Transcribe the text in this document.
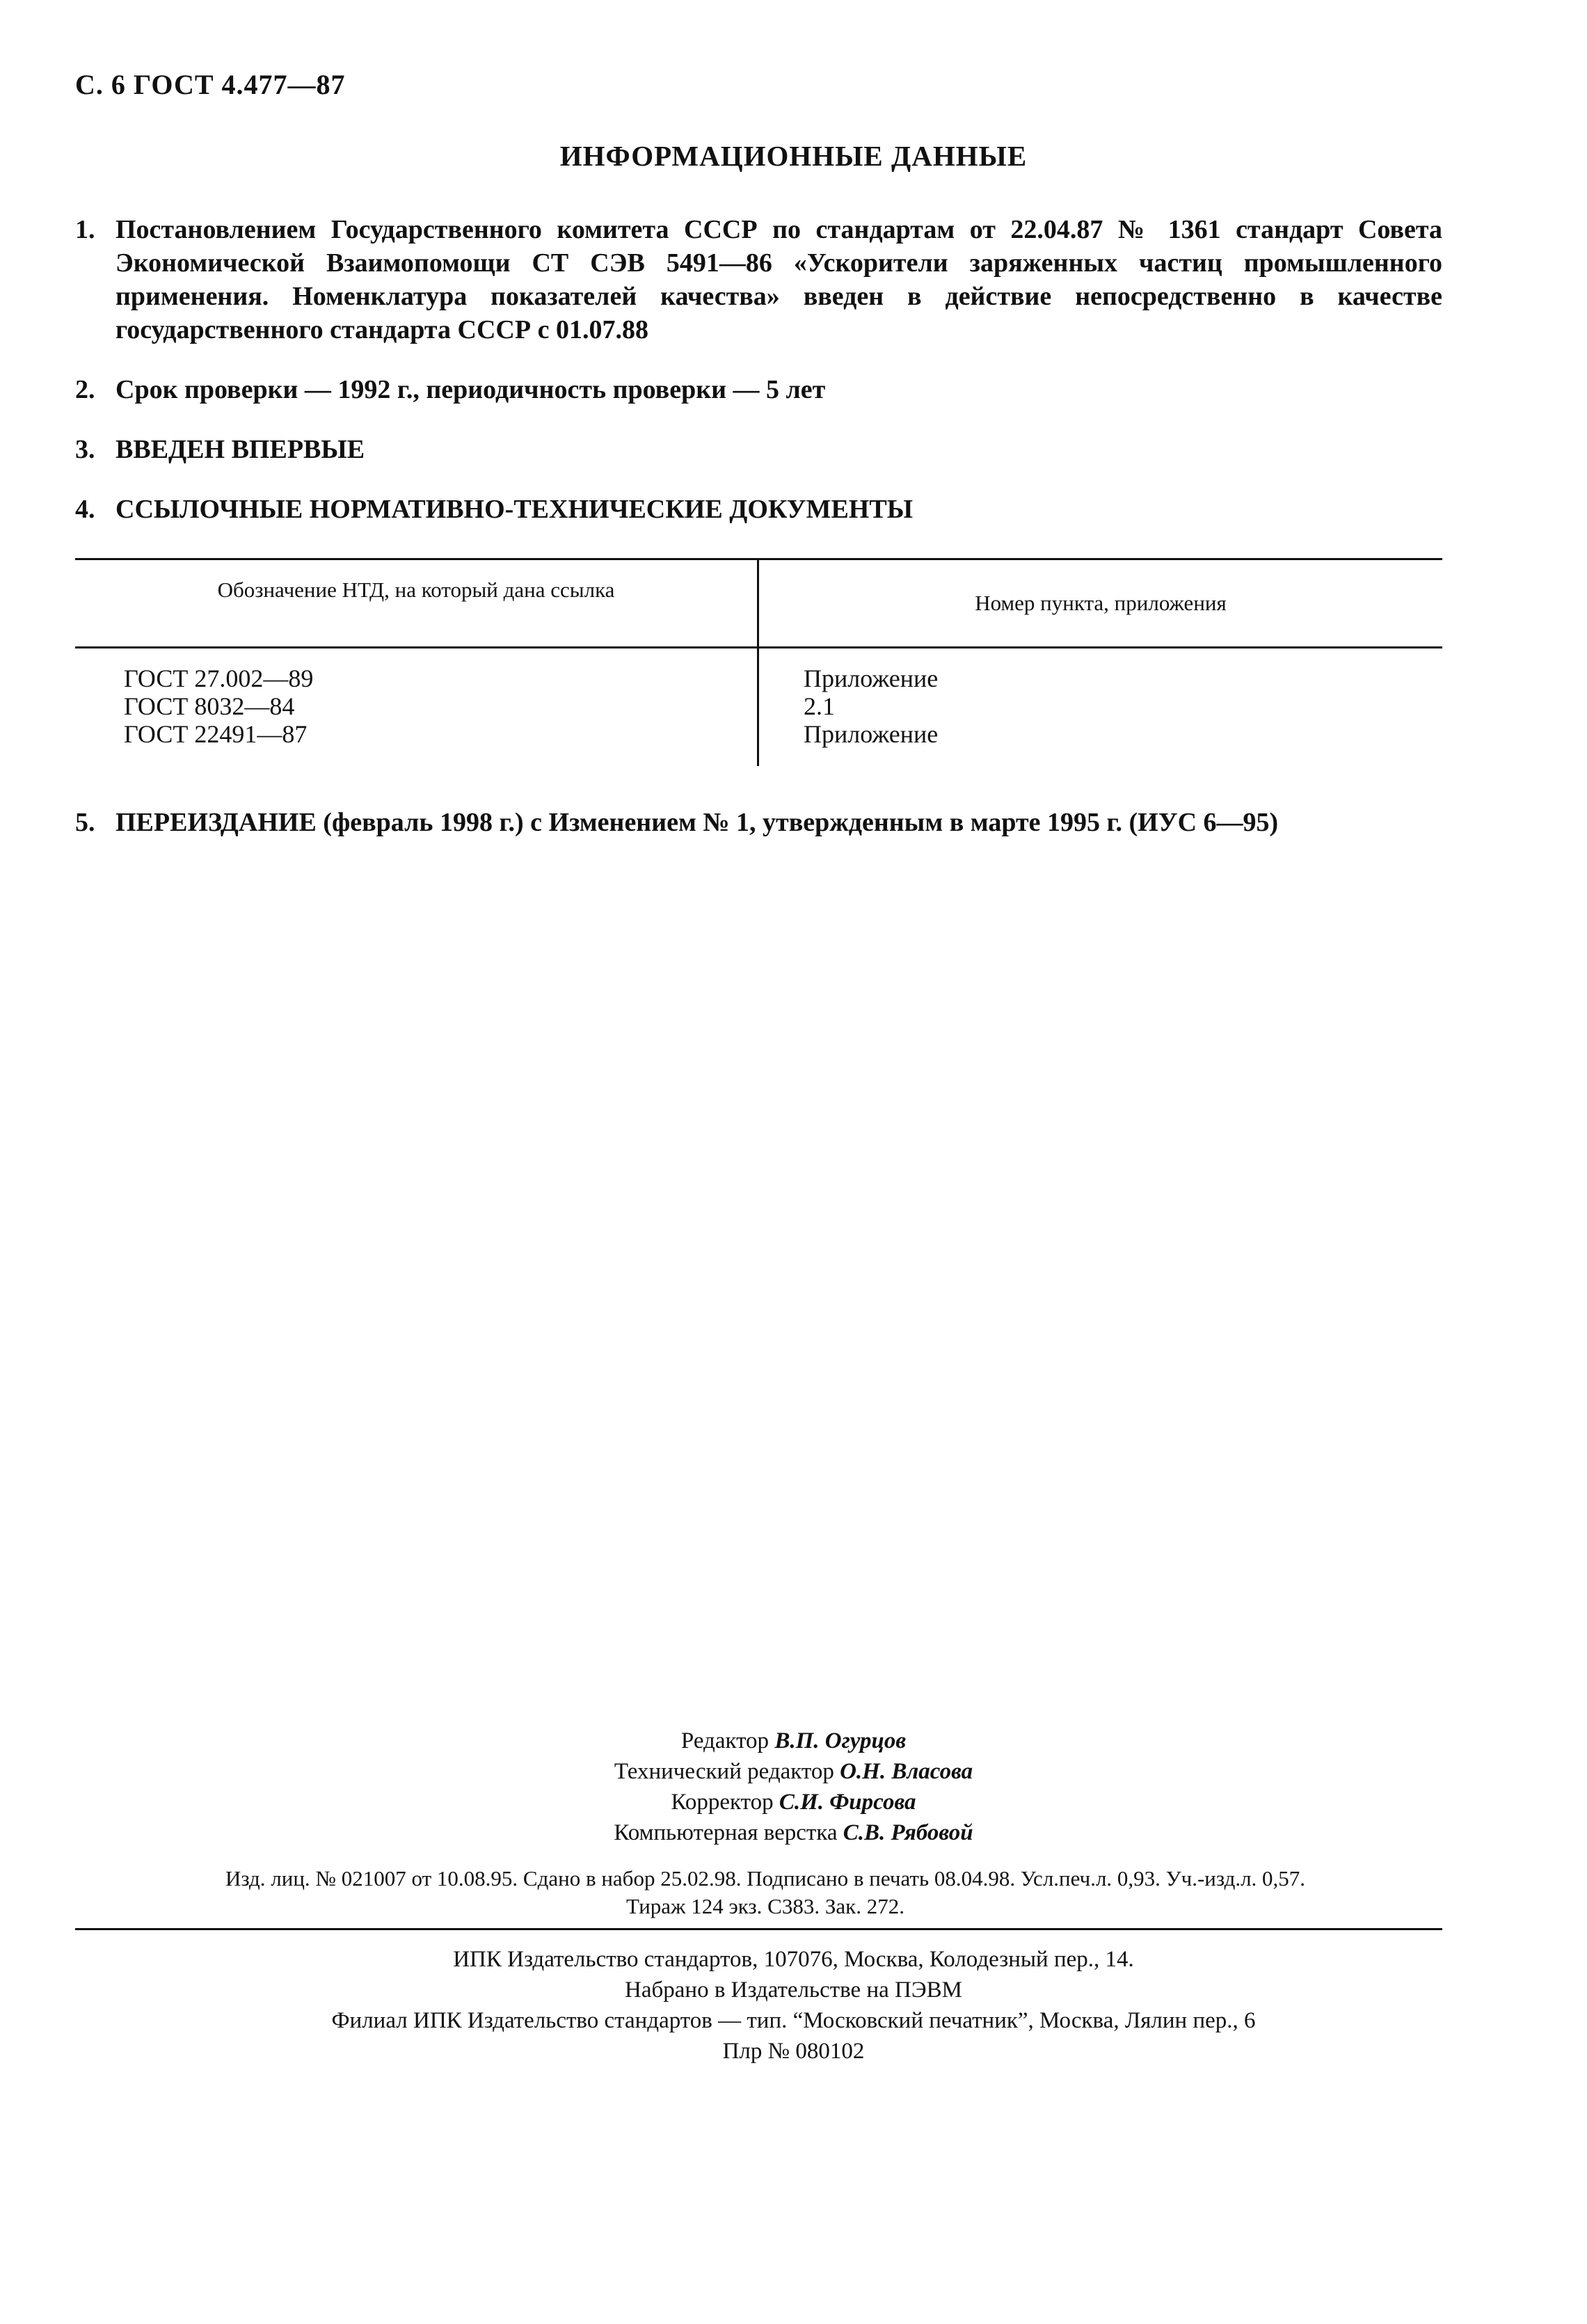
С. 6 ГОСТ 4.477—87
ИНФОРМАЦИОННЫЕ ДАННЫЕ
1. Постановлением Государственного комитета СССР по стандартам от 22.04.87 № 1361 стандарт Совета Экономической Взаимопомощи СТ СЭВ 5491—86 «Ускорители заряженных частиц промышленного применения. Номенклатура показателей качества» введен в действие непосредственно в качестве государственного стандарта СССР с 01.07.88
2. Срок проверки — 1992 г., периодичность проверки — 5 лет
3. ВВЕДЕН ВПЕРВЫЕ
4. ССЫЛОЧНЫЕ НОРМАТИВНО-ТЕХНИЧЕСКИЕ ДОКУМЕНТЫ
Обозначение НТД, на который дана ссылка
Номер пункта, приложения
ГОСТ 27.002—89
ГОСТ 8032—84
ГОСТ 22491—87
Приложение
2.1
Приложение
5. ПЕРЕИЗДАНИЕ (февраль 1998 г.) с Изменением № 1, утвержденным в марте 1995 г. (ИУС 6—95)
Редактор В.П. Огурцов
Технический редактор О.Н. Власова
Корректор С.И. Фирсова
Компьютерная верстка С.В. Рябовой
Изд. лиц. № 021007 от 10.08.95. Сдано в набор 25.02.98. Подписано в печать 08.04.98. Усл.печ.л. 0,93. Уч.-изд.л. 0,57.
Тираж 124 экз. С383. Зак. 272.
ИПК Издательство стандартов, 107076, Москва, Колодезный пер., 14.
Набрано в Издательстве на ПЭВМ
Филиал ИПК Издательство стандартов — тип. “Московский печатник”, Москва, Лялин пер., 6
Плр № 080102
